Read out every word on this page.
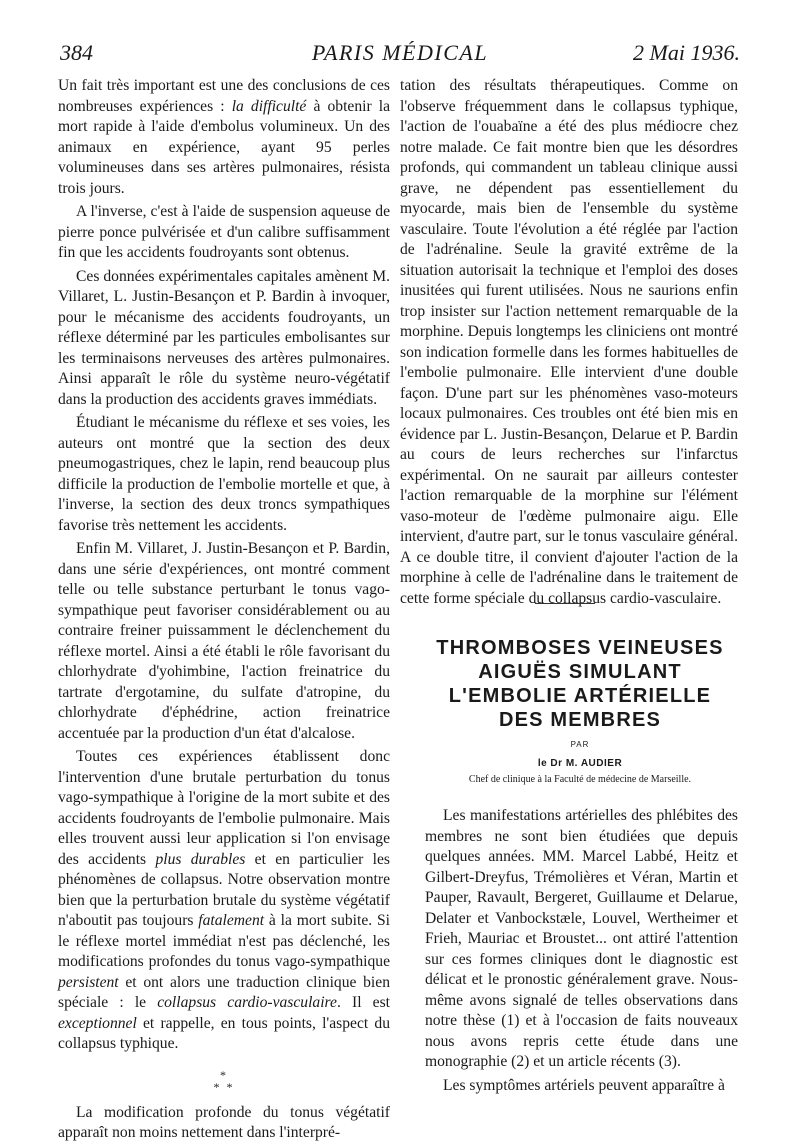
384	PARIS MÉDICAL	2 Mai 1936.

Un fait très important est une des conclusions de ces nombreuses expériences : la difficulté à obtenir la mort rapide à l'aide d'embolus volumineux. Un des animaux en expérience, ayant 95 perles volumineuses dans ses artères pulmonaires, résista trois jours.

A l'inverse, c'est à l'aide de suspension aqueuse de pierre ponce pulvérisée et d'un calibre suffisamment fin que les accidents foudroyants sont obtenus.

Ces données expérimentales capitales amènent M. Villaret, L. Justin-Besançon et P. Bardin à invoquer, pour le mécanisme des accidents foudroyants, un réflexe déterminé par les particules embolisantes sur les terminaisons nerveuses des artères pulmonaires. Ainsi apparaît le rôle du système neuro-végétatif dans la production des accidents graves immédiats.

Étudiant le mécanisme du réflexe et ses voies, les auteurs ont montré que la section des deux pneumogastriques, chez le lapin, rend beaucoup plus difficile la production de l'embolie mortelle et que, à l'inverse, la section des deux troncs sympathiques favorise très nettement les accidents.

Enfin M. Villaret, J. Justin-Besançon et P. Bardin, dans une série d'expériences, ont montré comment telle ou telle substance perturbant le tonus vago-sympathique peut favoriser considérablement ou au contraire freiner puissamment le déclenchement du réflexe mortel. Ainsi a été établi le rôle favorisant du chlorhydrate d'yohimbine, l'action freinatrice du tartrate d'ergotamine, du sulfate d'atropine, du chlorhydrate d'éphédrine, action freinatrice accentuée par la production d'un état d'alcalose.

Toutes ces expériences établissent donc l'intervention d'une brutale perturbation du tonus vago-sympathique à l'origine de la mort subite et des accidents foudroyants de l'embolie pulmonaire. Mais elles trouvent aussi leur application si l'on envisage des accidents plus durables et en particulier les phénomènes de collapsus. Notre observation montre bien que la perturbation brutale du système végétatif n'aboutit pas toujours fatalement à la mort subite. Si le réflexe mortel immédiat n'est pas déclenché, les modifications profondes du tonus vago-sympathique persistent et ont alors une traduction clinique bien spéciale : le collapsus cardio-vasculaire. Il est exceptionnel et rappelle, en tous points, l'aspect du collapsus typhique.

*
* *

La modification profonde du tonus végétatif apparaît non moins nettement dans l'interpré-

tation des résultats thérapeutiques. Comme on l'observe fréquemment dans le collapsus typhique, l'action de l'ouabaïne a été des plus médiocre chez notre malade. Ce fait montre bien que les désordres profonds, qui commandent un tableau clinique aussi grave, ne dépendent pas essentiellement du myocarde, mais bien de l'ensemble du système vasculaire. Toute l'évolution a été réglée par l'action de l'adrénaline. Seule la gravité extrême de la situation autorisait la technique et l'emploi des doses inusitées qui furent utilisées. Nous ne saurions enfin trop insister sur l'action nettement remarquable de la morphine. Depuis longtemps les cliniciens ont montré son indication formelle dans les formes habituelles de l'embolie pulmonaire. Elle intervient d'une double façon. D'une part sur les phénomènes vaso-moteurs locaux pulmonaires. Ces troubles ont été bien mis en évidence par L. Justin-Besançon, Delarue et P. Bardin au cours de leurs recherches sur l'infarctus expérimental. On ne saurait par ailleurs contester l'action remarquable de la morphine sur l'élément vaso-moteur de l'œdème pulmonaire aigu. Elle intervient, d'autre part, sur le tonus vasculaire général. A ce double titre, il convient d'ajouter l'action de la morphine à celle de l'adrénaline dans le traitement de cette forme spéciale du collapsus cardio-vasculaire.

THROMBOSES VEINEUSES
AIGUËS SIMULANT
L'EMBOLIE ARTÉRIELLE
DES MEMBRES
PAR
le Dr M. AUDIER
Chef de clinique à la Faculté de médecine de Marseille.

Les manifestations artérielles des phlébites des membres ne sont bien étudiées que depuis quelques années. MM. Marcel Labbé, Heitz et Gilbert-Dreyfus, Trémolières et Véran, Martin et Pauper, Ravault, Bergeret, Guillaume et Delarue, Delater et Vanbockstæle, Louvel, Wertheimer et Frieh, Mauriac et Broustet... ont attiré l'attention sur ces formes cliniques dont le diagnostic est délicat et le pronostic généralement grave. Nous-même avons signalé de telles observations dans notre thèse (1) et à l'occasion de faits nouveaux nous avons repris cette étude dans une monographie (2) et un article récents (3).

Les symptômes artériels peuvent apparaître à
